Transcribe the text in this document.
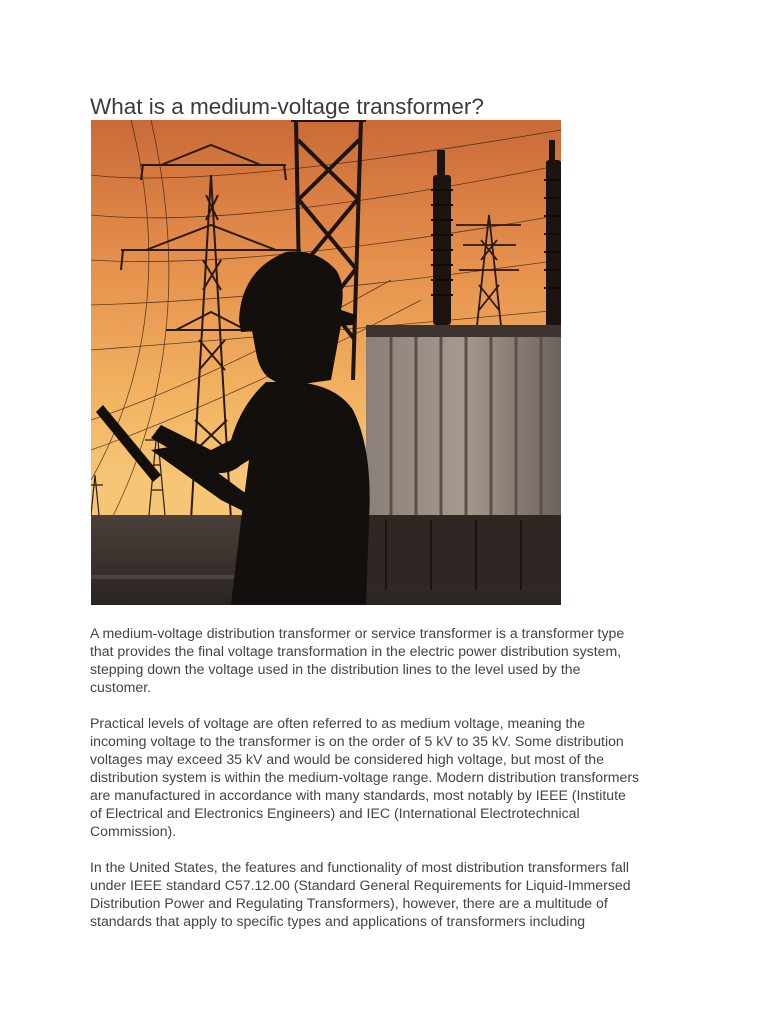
What is a medium-voltage transformer?

A medium-voltage distribution transformer or service transformer is a transformer type
that provides the final voltage transformation in the electric power distribution system,
stepping down the voltage used in the distribution lines to the level used by the
customer.

Practical levels of voltage are often referred to as medium voltage, meaning the
incoming voltage to the transformer is on the order of 5 kV to 35 kV. Some distribution
voltages may exceed 35 kV and would be considered high voltage, but most of the
distribution system is within the medium-voltage range. Modern distribution transformers
are manufactured in accordance with many standards, most notably by IEEE (Institute
of Electrical and Electronics Engineers) and IEC (International Electrotechnical
Commission).

In the United States, the features and functionality of most distribution transformers fall
under IEEE standard C57.12.00 (Standard General Requirements for Liquid-Immersed
Distribution Power and Regulating Transformers), however, there are a multitude of
standards that apply to specific types and applications of transformers including
